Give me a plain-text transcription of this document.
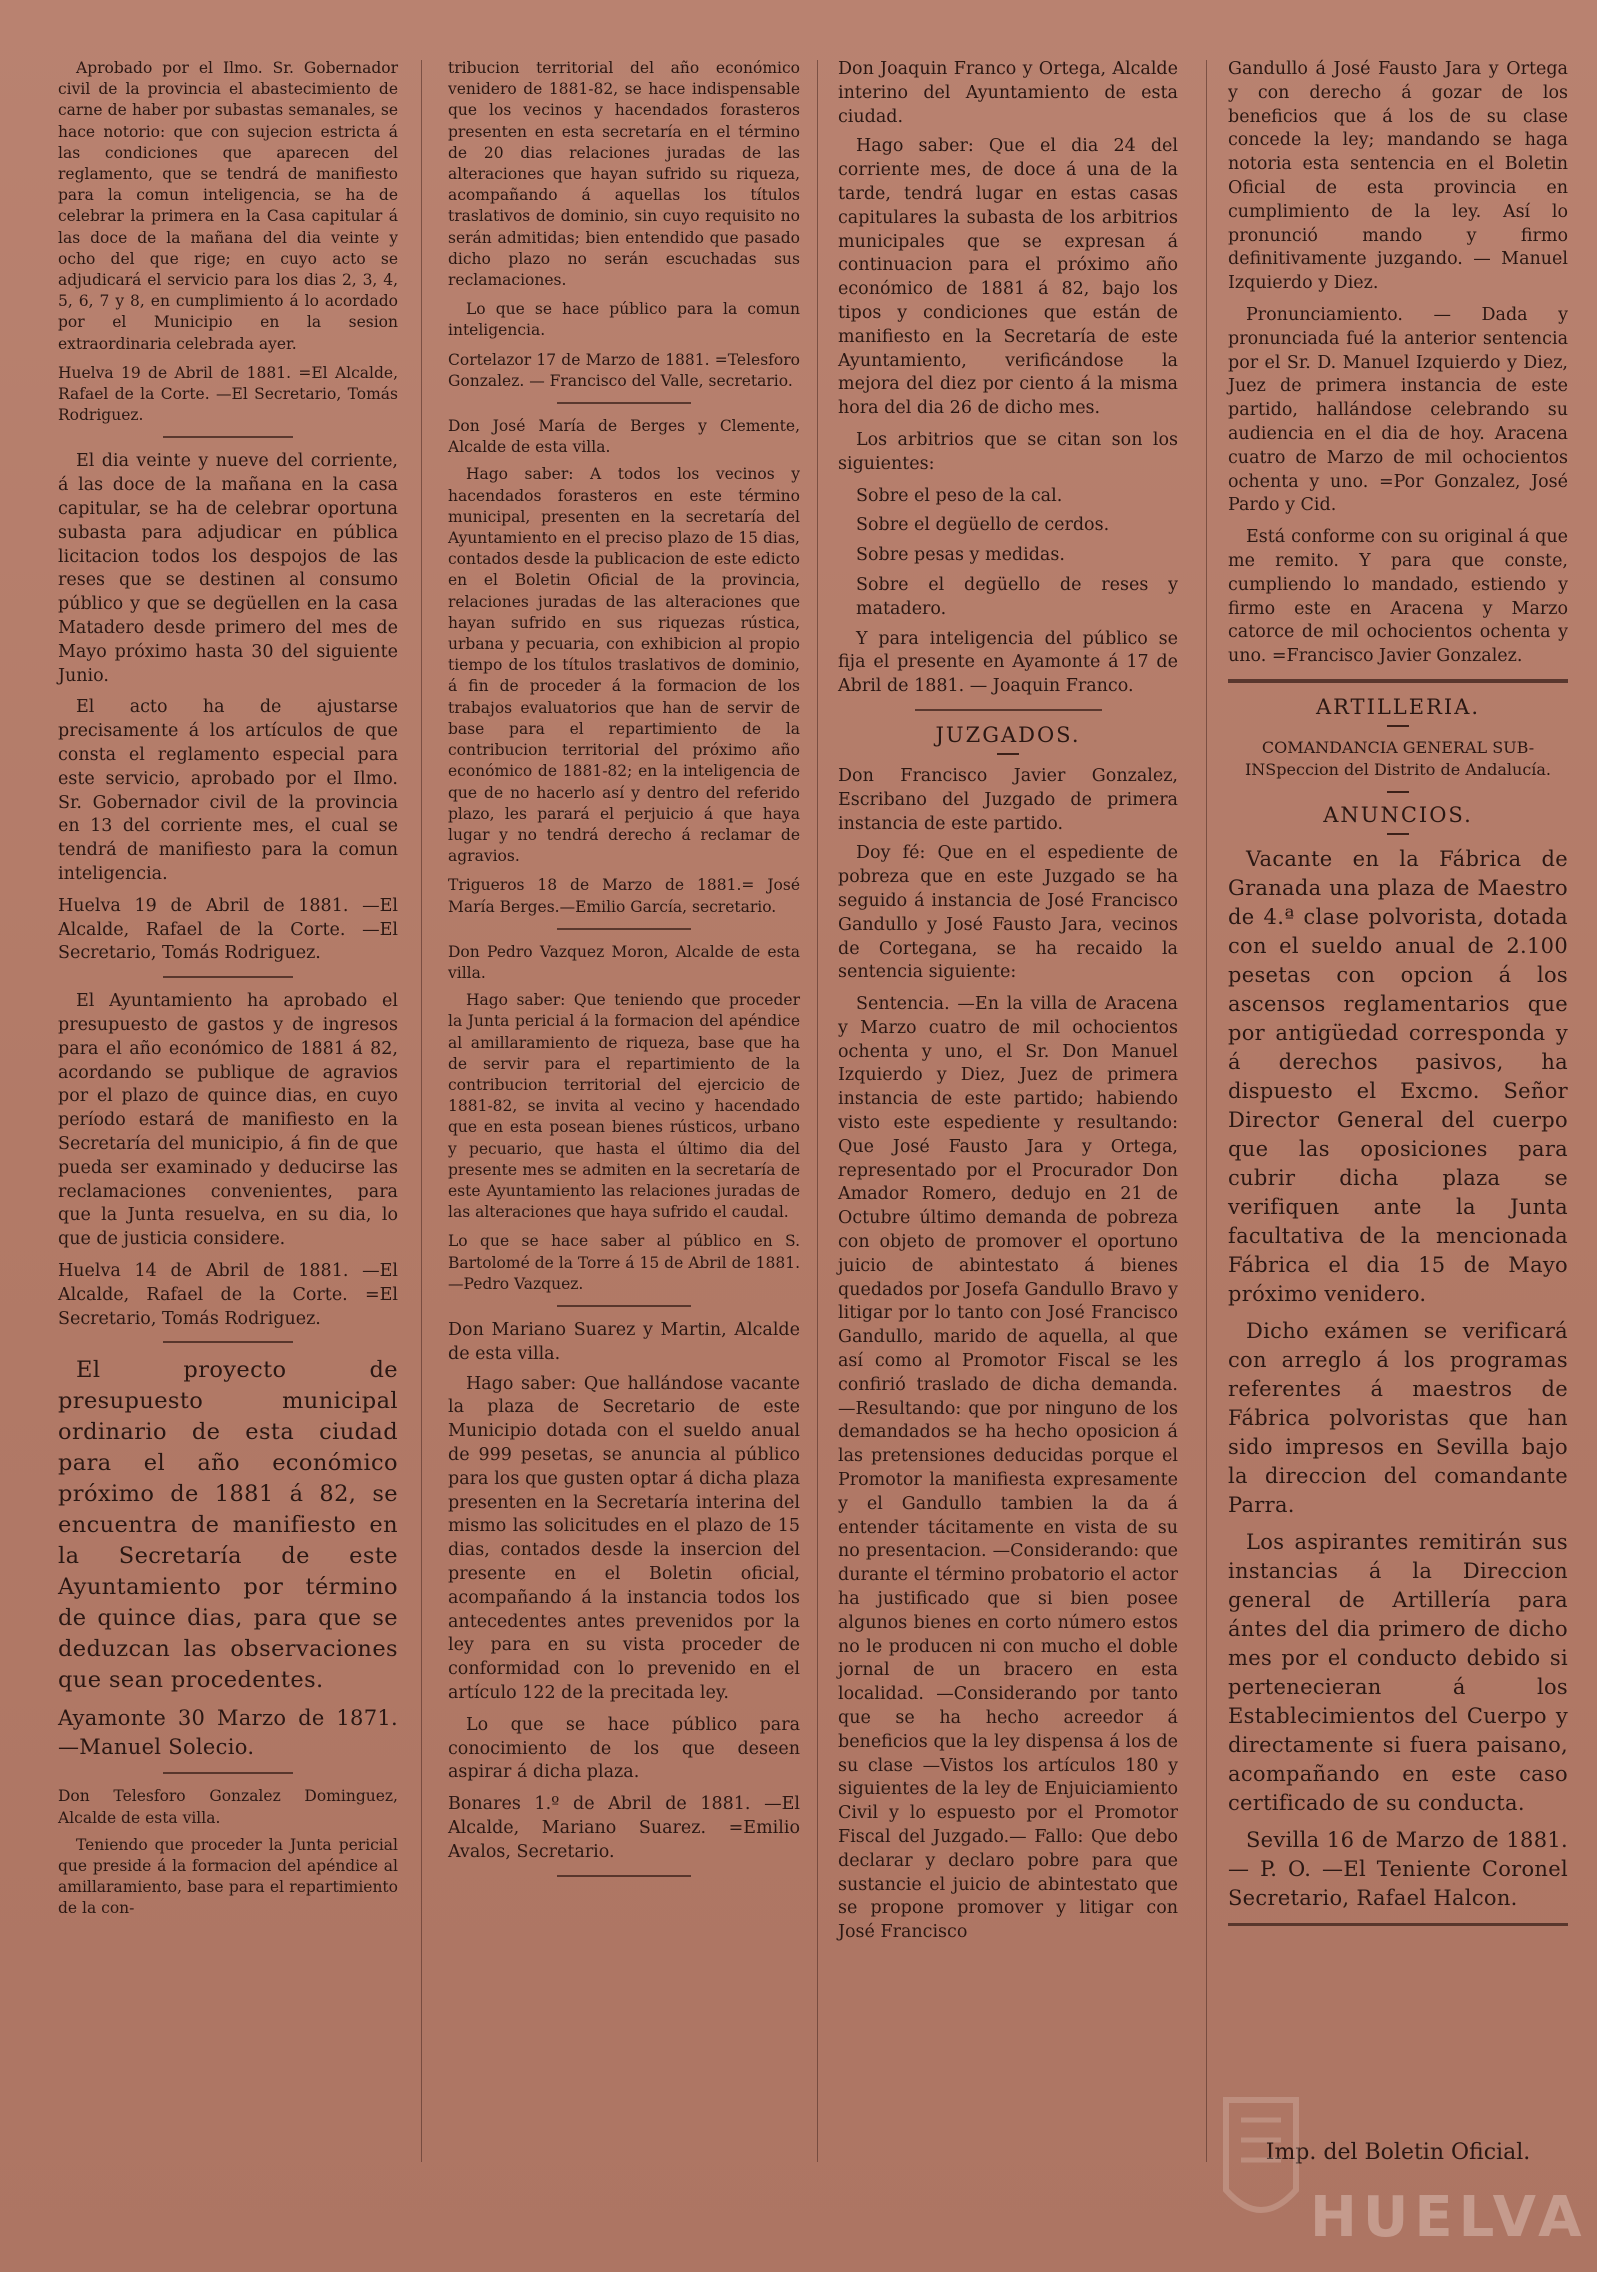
Aprobado por el Ilmo. Sr. Gobernador civil de la provincia el abastecimiento de carne de haber por subastas semanales, se hace notorio: que con sujecion estricta á las condiciones que aparecen del reglamento, que se tendrá de manifiesto para la comun inteligencia, se ha de celebrar la primera en la Casa capitular á las doce de la mañana del dia veinte y ocho del que rige; en cuyo acto se adjudicará el servicio para los dias 2, 3, 4, 5, 6, 7 y 8, en cumplimiento á lo acordado por el Municipio en la sesion extraordinaria celebrada ayer.

Huelva 19 de Abril de 1881. =El Alcalde, Rafael de la Corte. —El Secretario, Tomás Rodriguez.

El dia veinte y nueve del corriente, á las doce de la mañana en la casa capitular, se ha de celebrar oportuna subasta para adjudicar en pública licitacion todos los despojos de las reses que se destinen al consumo público y que se degüellen en la casa Matadero desde primero del mes de Mayo próximo hasta 30 del siguiente Junio.

El acto ha de ajustarse precisamente á los artículos de que consta el reglamento especial para este servicio, aprobado por el Ilmo. Sr. Gobernador civil de la provincia en 13 del corriente mes, el cual se tendrá de manifiesto para la comun inteligencia.

Huelva 19 de Abril de 1881. —El Alcalde, Rafael de la Corte. —El Secretario, Tomás Rodriguez.

El Ayuntamiento ha aprobado el presupuesto de gastos y de ingresos para el año económico de 1881 á 82, acordando se publique de agravios por el plazo de quince dias, en cuyo período estará de manifiesto en la Secretaría del municipio, á fin de que pueda ser examinado y deducirse las reclamaciones convenientes, para que la Junta resuelva, en su dia, lo que de justicia considere.

Huelva 14 de Abril de 1881. —El Alcalde, Rafael de la Corte. =El Secretario, Tomás Rodriguez.

El proyecto de presupuesto municipal ordinario de esta ciudad para el año económico próximo de 1881 á 82, se encuentra de manifiesto en la Secretaría de este Ayuntamiento por término de quince dias, para que se deduzcan las observaciones que sean procedentes.

Ayamonte 30 Marzo de 1871. —Manuel Solecio.

Don Telesforo Gonzalez Dominguez, Alcalde de esta villa.

Teniendo que proceder la Junta pericial que preside á la formacion del apéndice al amillaramiento, base para el repartimiento de la con-

tribucion territorial del año económico venidero de 1881-82, se hace indispensable que los vecinos y hacendados forasteros presenten en esta secretaría en el término de 20 dias relaciones juradas de las alteraciones que hayan sufrido su riqueza, acompañando á aquellas los títulos traslativos de dominio, sin cuyo requisito no serán admitidas; bien entendido que pasado dicho plazo no serán escuchadas sus reclamaciones.

Lo que se hace público para la comun inteligencia.

Cortelazor 17 de Marzo de 1881. =Telesforo Gonzalez. — Francisco del Valle, secretario.

Don José María de Berges y Clemente, Alcalde de esta villa.

Hago saber: A todos los vecinos y hacendados forasteros en este término municipal, presenten en la secretaría del Ayuntamiento en el preciso plazo de 15 dias, contados desde la publicacion de este edicto en el Boletin Oficial de la provincia, relaciones juradas de las alteraciones que hayan sufrido en sus riquezas rústica, urbana y pecuaria, con exhibicion al propio tiempo de los títulos traslativos de dominio, á fin de proceder á la formacion de los trabajos evaluatorios que han de servir de base para el repartimiento de la contribucion territorial del próximo año económico de 1881-82; en la inteligencia de que de no hacerlo así y dentro del referido plazo, les parará el perjuicio á que haya lugar y no tendrá derecho á reclamar de agravios.

Trigueros 18 de Marzo de 1881.= José María Berges.—Emilio García, secretario.

Don Pedro Vazquez Moron, Alcalde de esta villa.

Hago saber: Que teniendo que proceder la Junta pericial á la formacion del apéndice al amillaramiento de riqueza, base que ha de servir para el repartimiento de la contribucion territorial del ejercicio de 1881-82, se invita al vecino y hacendado que en esta posean bienes rústicos, urbano y pecuario, que hasta el último dia del presente mes se admiten en la secretaría de este Ayuntamiento las relaciones juradas de las alteraciones que haya sufrido el caudal.

Lo que se hace saber al público en S. Bartolomé de la Torre á 15 de Abril de 1881.—Pedro Vazquez.

Don Mariano Suarez y Martin, Alcalde de esta villa.

Hago saber: Que hallándose vacante la plaza de Secretario de este Municipio dotada con el sueldo anual de 999 pesetas, se anuncia al público para los que gusten optar á dicha plaza presenten en la Secretaría interina del mismo las solicitudes en el plazo de 15 dias, contados desde la insercion del presente en el Boletin oficial, acompañando á la instancia todos los antecedentes antes prevenidos por la ley para en su vista proceder de conformidad con lo prevenido en el artículo 122 de la precitada ley.

Lo que se hace público para conocimiento de los que deseen aspirar á dicha plaza.

Bonares 1.º de Abril de 1881. —El Alcalde, Mariano Suarez. =Emilio Avalos, Secretario.

Don Joaquin Franco y Ortega, Alcalde interino del Ayuntamiento de esta ciudad.

Hago saber: Que el dia 24 del corriente mes, de doce á una de la tarde, tendrá lugar en estas casas capitulares la subasta de los arbitrios municipales que se expresan á continuacion para el próximo año económico de 1881 á 82, bajo los tipos y condiciones que están de manifiesto en la Secretaría de este Ayuntamiento, verificándose la mejora del diez por ciento á la misma hora del dia 26 de dicho mes.

Los arbitrios que se citan son los siguientes:

Sobre el peso de la cal.

Sobre el degüello de cerdos.

Sobre pesas y medidas.

Sobre el degüello de reses y matadero.

Y para inteligencia del público se fija el presente en Ayamonte á 17 de Abril de 1881. — Joaquin Franco.

JUZGADOS.

Don Francisco Javier Gonzalez, Escribano del Juzgado de primera instancia de este partido.

Doy fé: Que en el espediente de pobreza que en este Juzgado se ha seguido á instancia de José Francisco Gandullo y José Fausto Jara, vecinos de Cortegana, se ha recaido la sentencia siguiente:

Sentencia. —En la villa de Aracena y Marzo cuatro de mil ochocientos ochenta y uno, el Sr. Don Manuel Izquierdo y Diez, Juez de primera instancia de este partido; habiendo visto este espediente y resultando: Que José Fausto Jara y Ortega, representado por el Procurador Don Amador Romero, dedujo en 21 de Octubre último demanda de pobreza con objeto de promover el oportuno juicio de abintestato á bienes quedados por Josefa Gandullo Bravo y litigar por lo tanto con José Francisco Gandullo, marido de aquella, al que así como al Promotor Fiscal se les confirió traslado de dicha demanda. —Resultando: que por ninguno de los demandados se ha hecho oposicion á las pretensiones deducidas porque el Promotor la manifiesta expresamente y el Gandullo tambien la da á entender tácitamente en vista de su no presentacion. —Considerando: que durante el término probatorio el actor ha justificado que si bien posee algunos bienes en corto número estos no le producen ni con mucho el doble jornal de un bracero en esta localidad. —Considerando por tanto que se ha hecho acreedor á beneficios que la ley dispensa á los de su clase —Vistos los artículos 180 y siguientes de la ley de Enjuiciamiento Civil y lo espuesto por el Promotor Fiscal del Juzgado.— Fallo: Que debo declarar y declaro pobre para que sustancie el juicio de abintestato que se propone promover y litigar con José Francisco

Gandullo á José Fausto Jara y Ortega y con derecho á gozar de los beneficios que á los de su clase concede la ley; mandando se haga notoria esta sentencia en el Boletin Oficial de esta provincia en cumplimiento de la ley. Así lo pronunció mando y firmo definitivamente juzgando. — Manuel Izquierdo y Diez.

Pronunciamiento. — Dada y pronunciada fué la anterior sentencia por el Sr. D. Manuel Izquierdo y Diez, Juez de primera instancia de este partido, hallándose celebrando su audiencia en el dia de hoy. Aracena cuatro de Marzo de mil ochocientos ochenta y uno. =Por Gonzalez, José Pardo y Cid.

Está conforme con su original á que me remito. Y para que conste, cumpliendo lo mandado, estiendo y firmo este en Aracena y Marzo catorce de mil ochocientos ochenta y uno. =Francisco Javier Gonzalez.

ARTILLERIA.
COMANDANCIA GENERAL SUB-INSpeccion del Distrito de Andalucía.
ANUNCIOS.

Vacante en la Fábrica de Granada una plaza de Maestro de 4.ª clase polvorista, dotada con el sueldo anual de 2.100 pesetas con opcion á los ascensos reglamentarios que por antigüedad corresponda y á derechos pasivos, ha dispuesto el Excmo. Señor Director General del cuerpo que las oposiciones para cubrir dicha plaza se verifiquen ante la Junta facultativa de la mencionada Fábrica el dia 15 de Mayo próximo venidero.

Dicho exámen se verificará con arreglo á los programas referentes á maestros de Fábrica polvoristas que han sido impresos en Sevilla bajo la direccion del comandante Parra.

Los aspirantes remitirán sus instancias á la Direccion general de Artillería para ántes del dia primero de dicho mes por el conducto debido si pertenecieran á los Establecimientos del Cuerpo y directamente si fuera paisano, acompañando en este caso certificado de su conducta.

Sevilla 16 de Marzo de 1881. — P. O. —El Teniente Coronel Secretario, Rafael Halcon.

Imp. del Boletin Oficial.
HUELVA
